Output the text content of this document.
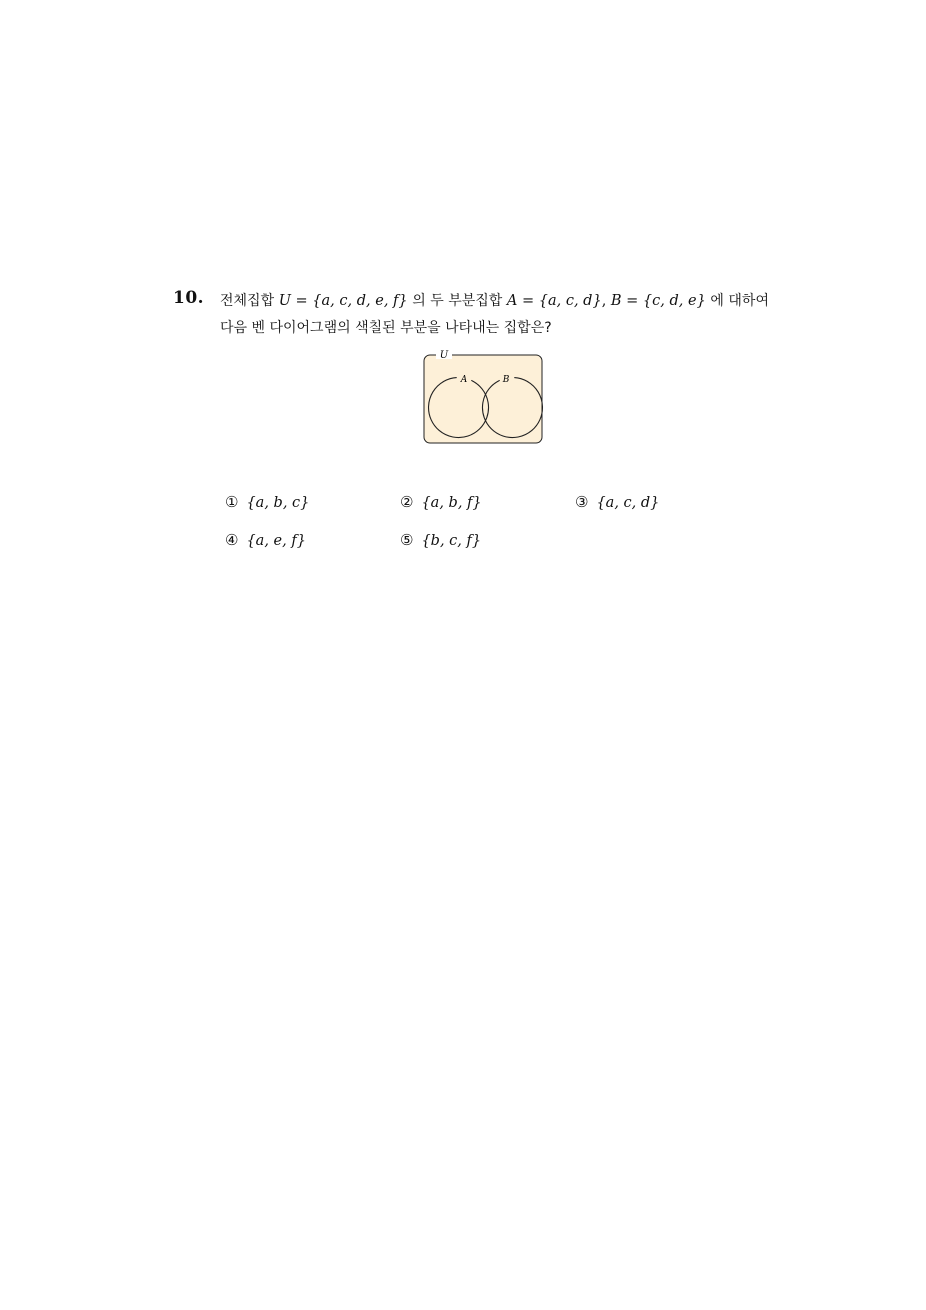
10. 전체집합 U = {a, c, d, e, f} 의 두 부분집합 A = {a, c, d}, B = {c, d, e} 에 대하여
다음 벤 다이어그램의 색칠된 부분을 나타내는 집합은?
U
A	B
① {a, b, c}	② {a, b, f}	③ {a, c, d}
④ {a, e, f}	⑤ {b, c, f}
